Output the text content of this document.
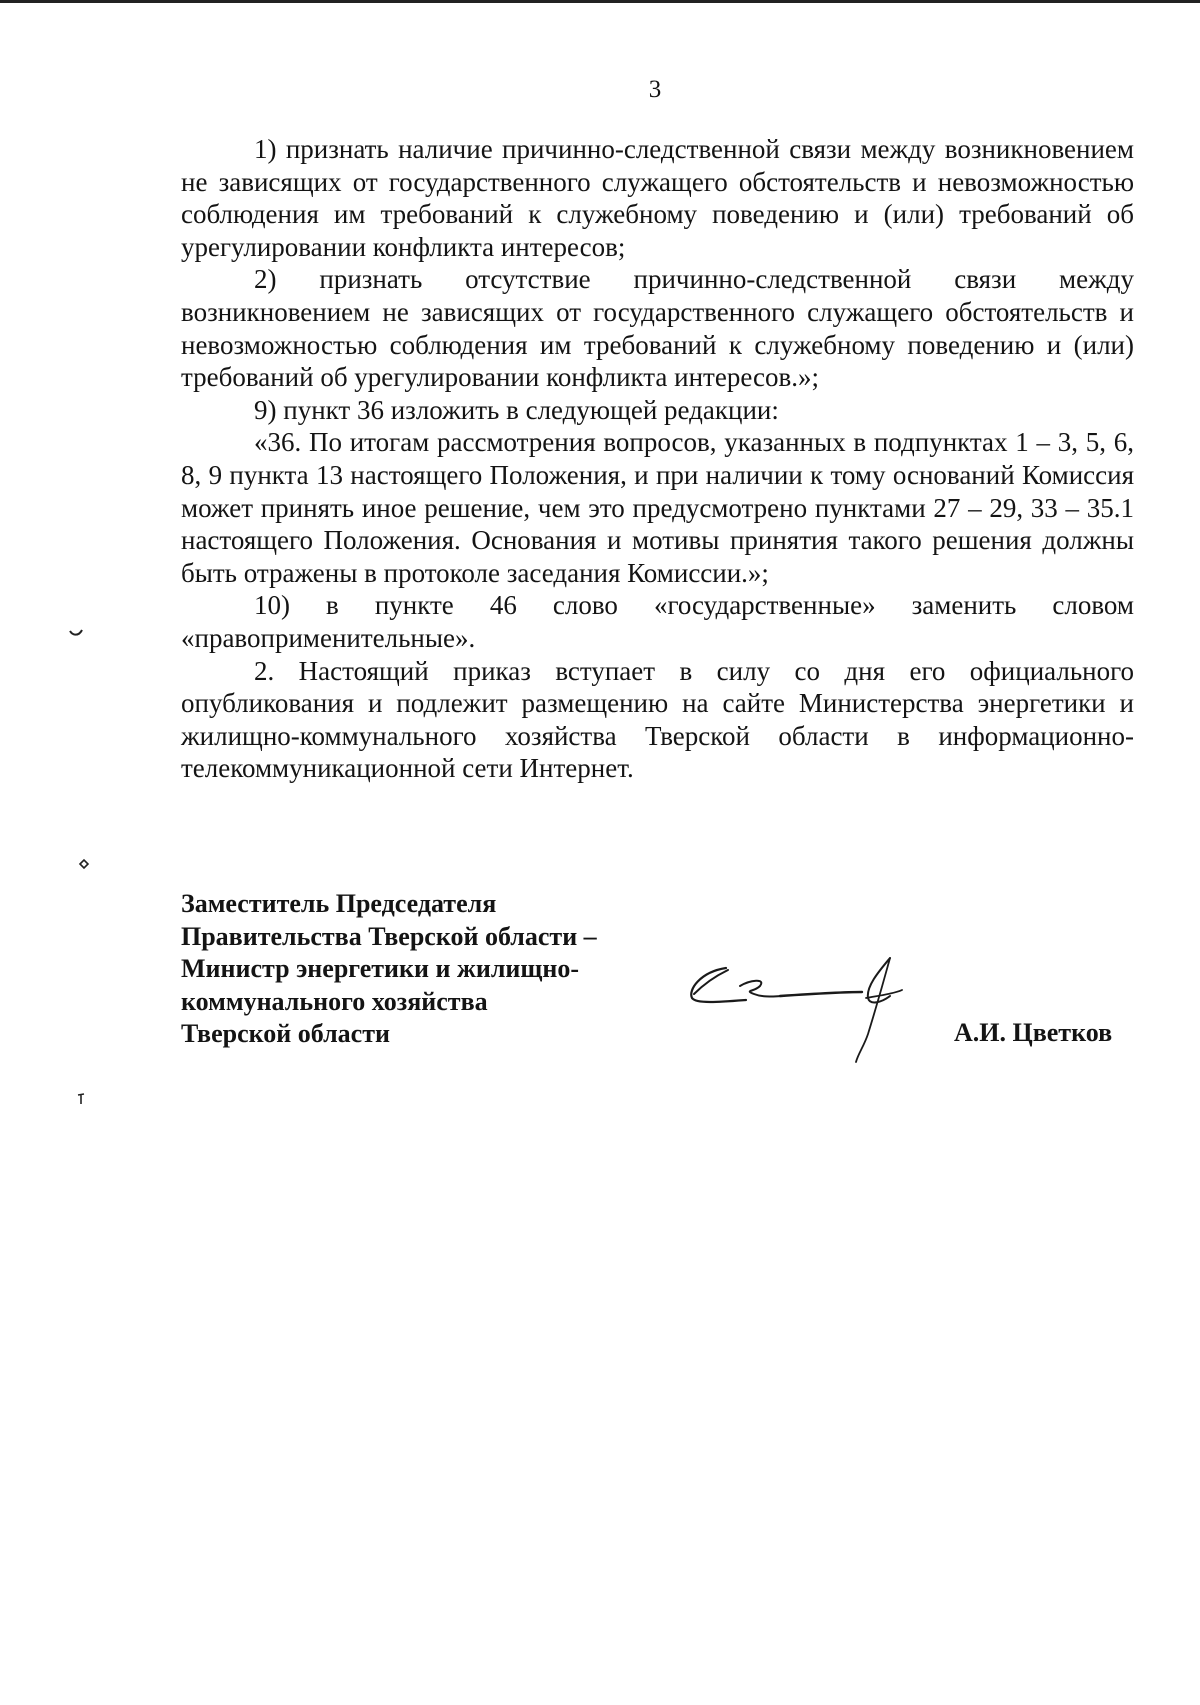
3

1) признать наличие причинно-следственной связи между возникновением не зависящих от государственного служащего обстоятельств и невозможностью соблюдения им требований к служебному поведению и (или) требований об урегулировании конфликта интересов;

2) признать отсутствие причинно-следственной связи между возникновением не зависящих от государственного служащего обстоятельств и невозможностью соблюдения им требований к служебному поведению и (или) требований об урегулировании конфликта интересов.»;

9) пункт 36 изложить в следующей редакции:

«36. По итогам рассмотрения вопросов, указанных в подпунктах 1 – 3, 5, 6, 8, 9 пункта 13 настоящего Положения, и при наличии к тому оснований Комиссия может принять иное решение, чем это предусмотрено пунктами 27 – 29, 33 – 35.1 настоящего Положения. Основания и мотивы принятия такого решения должны быть отражены в протоколе заседания Комиссии.»;

10) в пункте 46 слово «государственные» заменить словом «правоприменительные».

2. Настоящий приказ вступает в силу со дня его официального опубликования и подлежит размещению на сайте Министерства энергетики и жилищно-коммунального хозяйства Тверской области в информационно-телекоммуникационной сети Интернет.

Заместитель Председателя
Правительства Тверской области –
Министр энергетики и жилищно-
коммунального хозяйства
Тверской области	А.И. Цветков
